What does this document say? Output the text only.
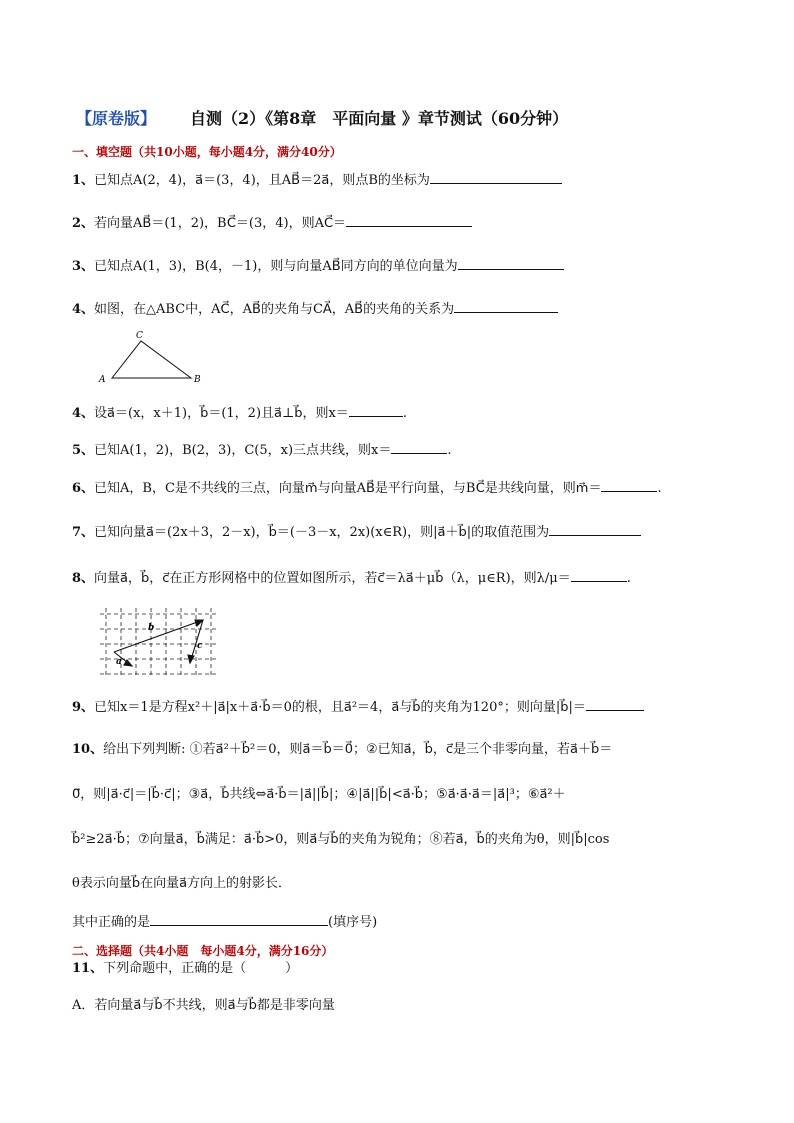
【原卷版】 自测（2）《第8章　平面向量 》章节测试（60分钟）
一、填空题（共10小题，每小题4分，满分40分）
1、已知点A(2，4)，a⃗＝(3，4)，且AB⃗＝2a⃗，则点B的坐标为
2、若向量AB⃗＝(1，2)，BC⃗＝(3，4)，则AC⃗＝
3、已知点A(1，3)，B(4，－1)，则与向量AB⃗同方向的单位向量为
4、如图，在△ABC中，AC⃗，AB⃗的夹角与CA⃗，AB⃗的夹角的关系为
A
C
B
4、设a⃗＝(x，x＋1)，b⃗＝(1，2)且a⃗⊥b⃗，则x＝	.
5、已知A(1，2)，B(2，3)，C(5，x)三点共线，则x＝	.
6、已知A，B，C是不共线的三点，向量m⃗与向量AB⃗是平行向量，与BC⃗是共线向量，则m⃗＝	.
7、已知向量a⃗＝(2x＋3，2－x)，b⃗＝(－3－x，2x)(x∈R)，则|a⃗＋b⃗|的取值范围为
8、向量a⃗，b⃗，c⃗在正方形网格中的位置如图所示，若c⃗＝λa⃗＋μb⃗（λ，μ∈R)，则λ/μ＝	.
b
c
a
9、已知x＝1是方程x²＋|a⃗|x＋a⃗·b⃗＝0的根，且a⃗²＝4，a⃗与b⃗的夹角为120°；则向量|b⃗|＝
10、给出下列判断: ①若a⃗²＋b⃗²＝0，则a⃗＝b⃗＝0⃗；②已知a⃗，b⃗，c⃗是三个非零向量，若a⃗＋b⃗＝
0⃗，则|a⃗·c⃗|＝|b⃗·c⃗|；③a⃗，b⃗共线⇔a⃗·b⃗＝|a⃗||b⃗|；④|a⃗||b⃗|<a⃗·b⃗；⑤a⃗·a⃗·a⃗＝|a⃗|³；⑥a⃗²＋
b⃗²≥2a⃗·b⃗；⑦向量a⃗，b⃗满足：a⃗·b⃗>0，则a⃗与b⃗的夹角为锐角；⑧若a⃗，b⃗的夹角为θ，则|b⃗|cos
θ表示向量b⃗在向量a⃗方向上的射影长．
其中正确的是	(填序号)
二、选择题（共4小题　每小题4分，满分16分）
11、下列命题中，正确的是（　　　）
A．若向量a⃗与b⃗不共线，则a⃗与b⃗都是非零向量
